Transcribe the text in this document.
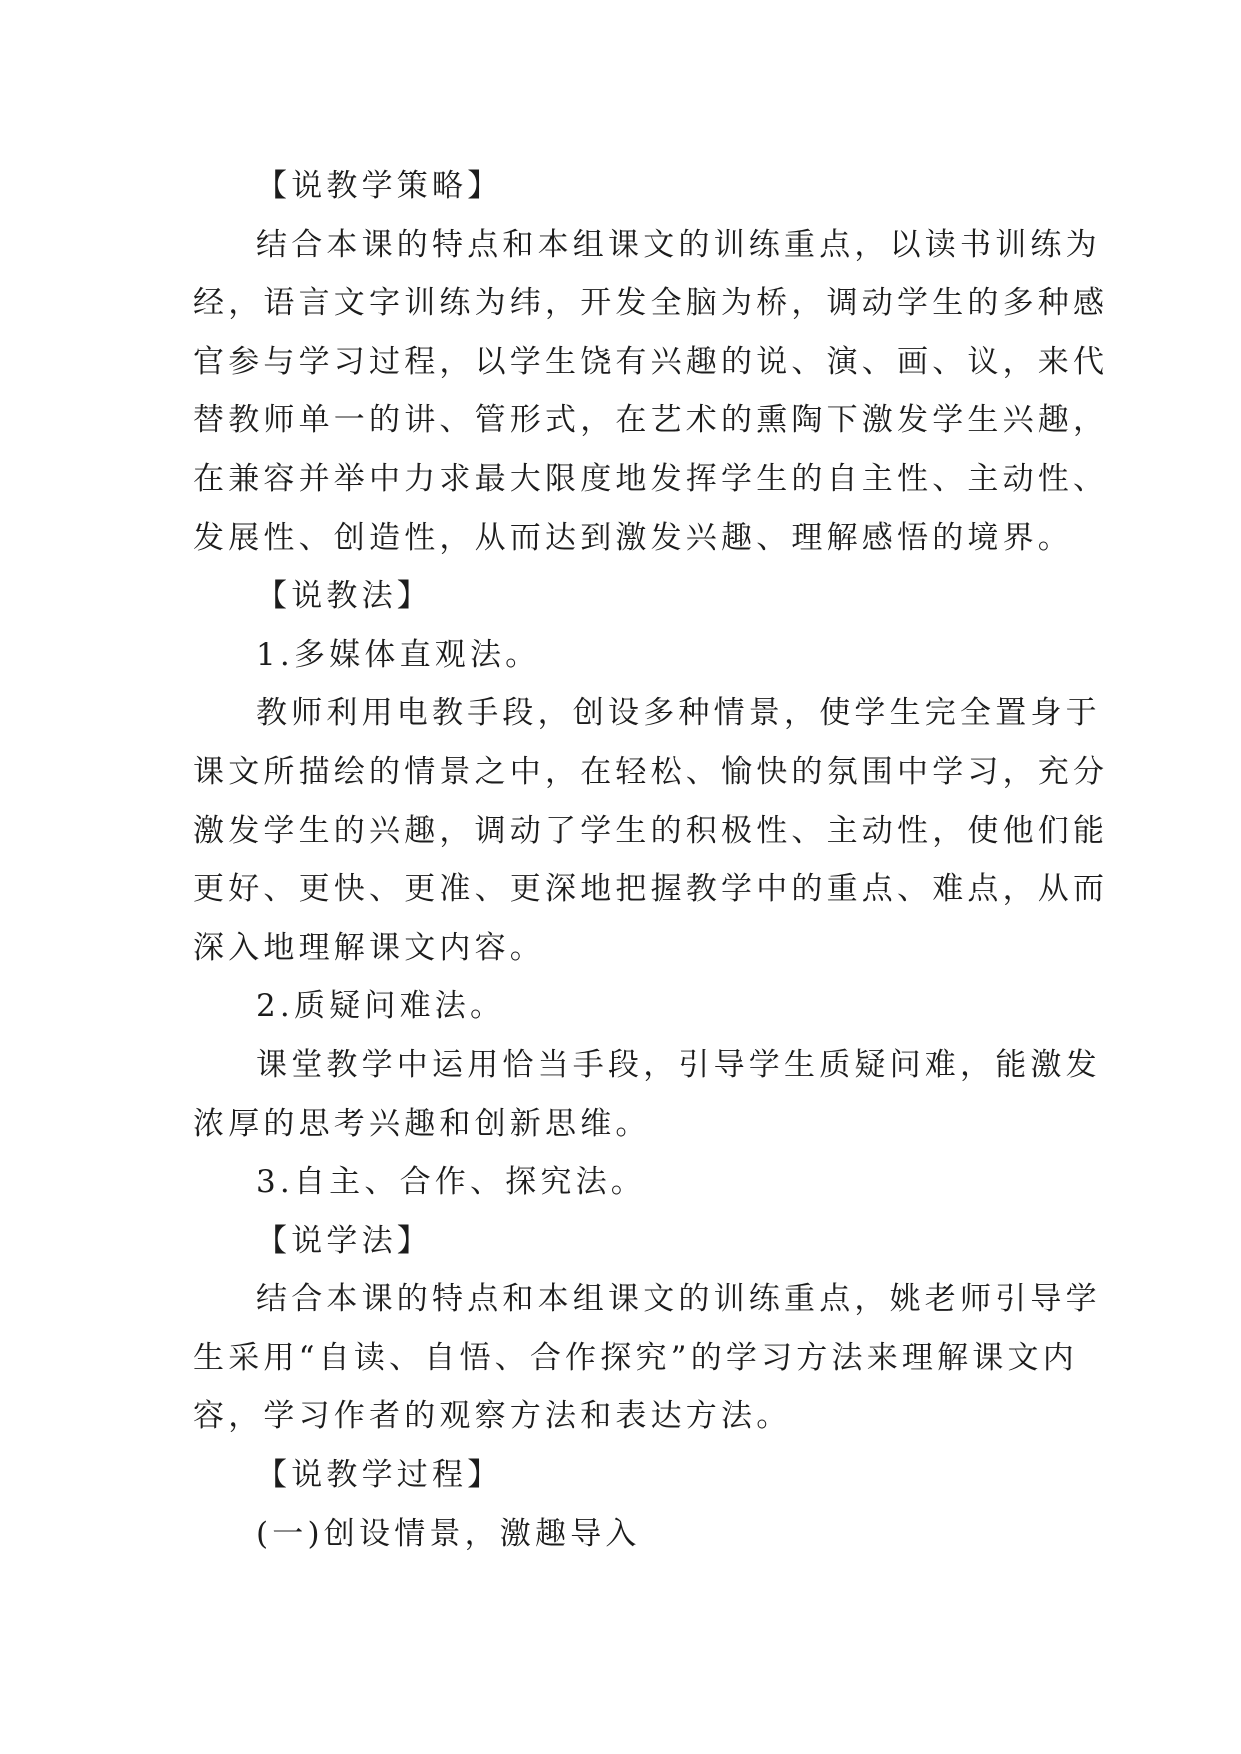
【说教学策略】
结合本课的特点和本组课文的训练重点，以读书训练为
经，语言文字训练为纬，开发全脑为桥，调动学生的多种感
官参与学习过程，以学生饶有兴趣的说、演、画、议，来代
替教师单一的讲、管形式，在艺术的熏陶下激发学生兴趣，
在兼容并举中力求最大限度地发挥学生的自主性、主动性、
发展性、创造性，从而达到激发兴趣、理解感悟的境界。
【说教法】
1.多媒体直观法。
教师利用电教手段，创设多种情景，使学生完全置身于
课文所描绘的情景之中，在轻松、愉快的氛围中学习，充分
激发学生的兴趣，调动了学生的积极性、主动性，使他们能
更好、更快、更准、更深地把握教学中的重点、难点，从而
深入地理解课文内容。
2.质疑问难法。
课堂教学中运用恰当手段，引导学生质疑问难，能激发
浓厚的思考兴趣和创新思维。
3.自主、合作、探究法。
【说学法】
结合本课的特点和本组课文的训练重点，姚老师引导学
生采用“自读、自悟、合作探究”的学习方法来理解课文内
容，学习作者的观察方法和表达方法。
【说教学过程】
(一)创设情景，激趣导入
